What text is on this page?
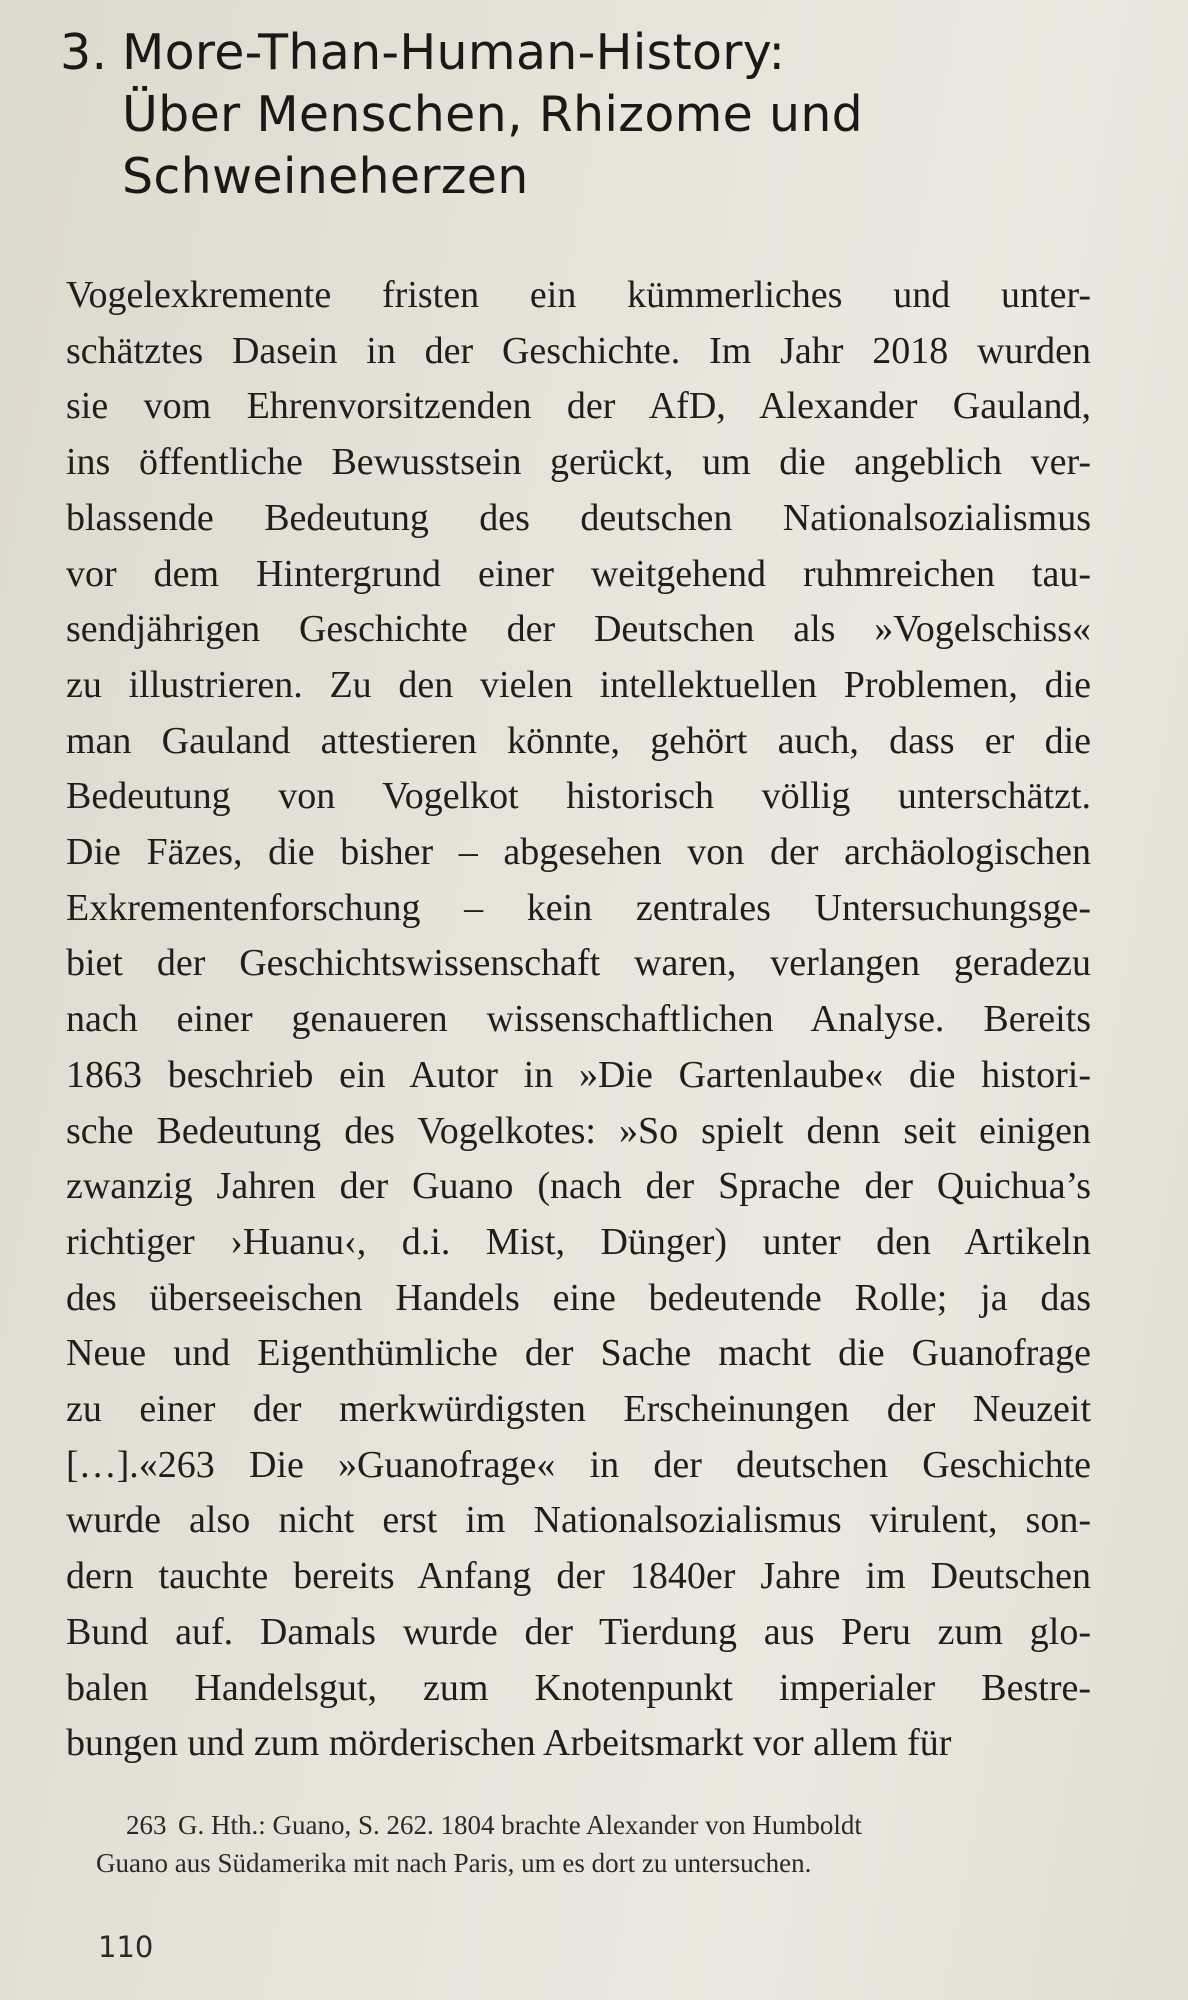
3. More-Than-Human-History:
Über Menschen, Rhizome und
Schweineherzen
Vogelexkremente fristen ein kümmerliches und unter-
schätztes Dasein in der Geschichte. Im Jahr 2018 wurden
sie vom Ehrenvorsitzenden der AfD, Alexander Gauland,
ins öffentliche Bewusstsein gerückt, um die angeblich ver-
blassende Bedeutung des deutschen Nationalsozialismus
vor dem Hintergrund einer weitgehend ruhmreichen tau-
sendjährigen Geschichte der Deutschen als »Vogelschiss«
zu illustrieren. Zu den vielen intellektuellen Problemen, die
man Gauland attestieren könnte, gehört auch, dass er die
Bedeutung von Vogelkot historisch völlig unterschätzt.
Die Fäzes, die bisher – abgesehen von der archäologischen
Exkrementenforschung – kein zentrales Untersuchungsge-
biet der Geschichtswissenschaft waren, verlangen geradezu
nach einer genaueren wissenschaftlichen Analyse. Bereits
1863 beschrieb ein Autor in »Die Gartenlaube« die histori-
sche Bedeutung des Vogelkotes: »So spielt denn seit einigen
zwanzig Jahren der Guano (nach der Sprache der Quichua’s
richtiger ›Huanu‹, d.i. Mist, Dünger) unter den Artikeln
des überseeischen Handels eine bedeutende Rolle; ja das
Neue und Eigenthümliche der Sache macht die Guanofrage
zu einer der merkwürdigsten Erscheinungen der Neuzeit
[…].«263 Die »Guanofrage« in der deutschen Geschichte
wurde also nicht erst im Nationalsozialismus virulent, son-
dern tauchte bereits Anfang der 1840er Jahre im Deutschen
Bund auf. Damals wurde der Tierdung aus Peru zum glo-
balen Handelsgut, zum Knotenpunkt imperialer Bestre-
bungen und zum mörderischen Arbeitsmarkt vor allem für
263 G. Hth.: Guano, S. 262. 1804 brachte Alexander von Humboldt
Guano aus Südamerika mit nach Paris, um es dort zu untersuchen.
110
